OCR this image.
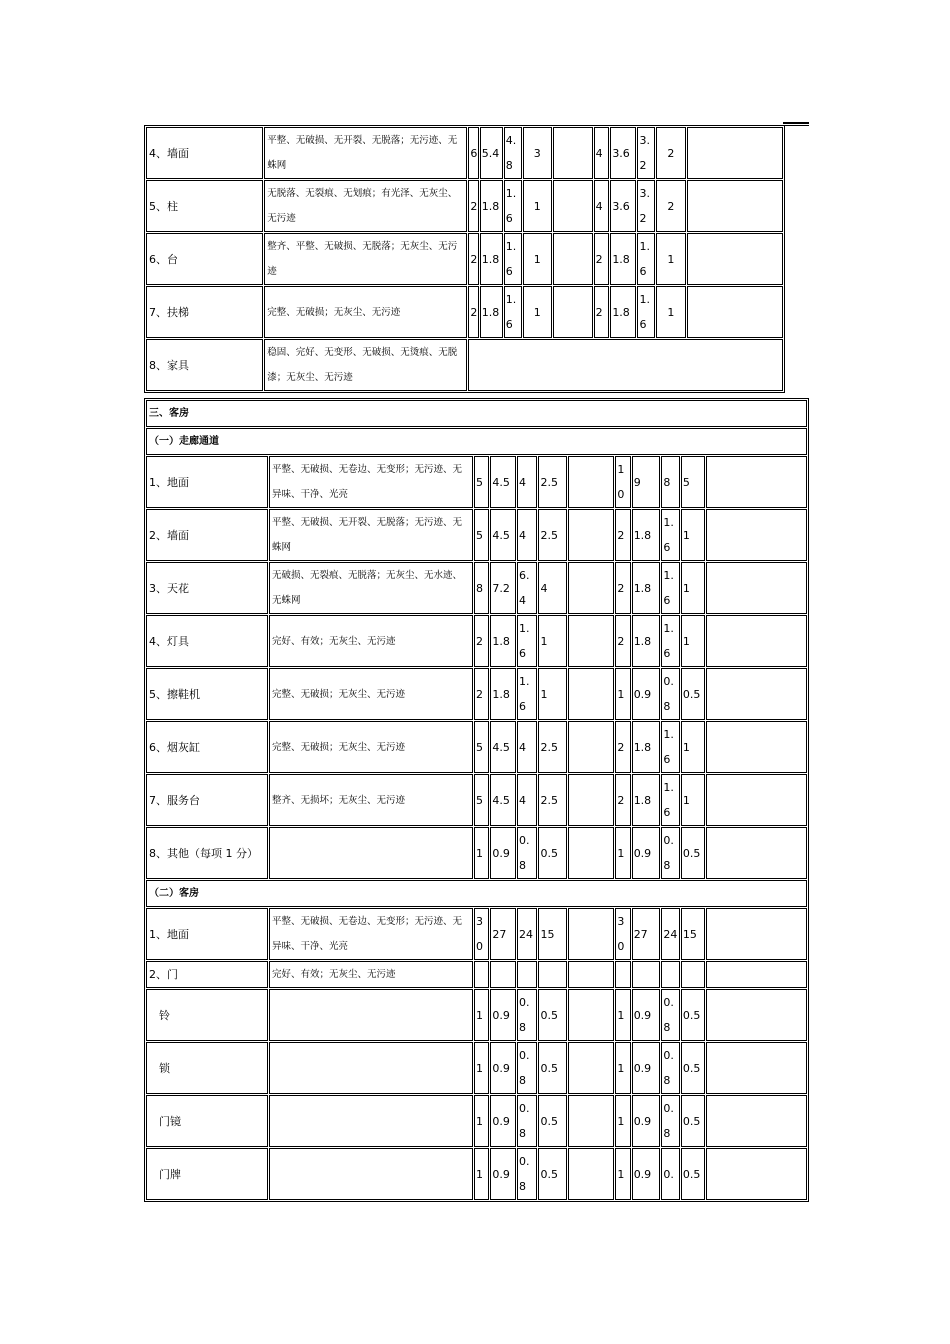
4、墙面	平整、无破损、无开裂、无脱落；无污迹、无蛛网	6	5.4	4.8	3		4	3.6	3.2	2	
5、柱	无脱落、无裂痕、无划痕；有光泽、无灰尘、无污迹	2	1.8	1.6	1		4	3.6	3.2	2	
6、台	整齐、平整、无破损、无脱落；无灰尘、无污迹	2	1.8	1.6	1		2	1.8	1.6	1	
7、扶梯	完整、无破损；无灰尘、无污迹	2	1.8	1.6	1		2	1.8	1.6	1	
8、家具	稳固、完好、无变形、无破损、无烫痕、无脱漆；无灰尘、无污迹										
三、客房											
（一）走廊通道											
1、地面	平整、无破损、无卷边、无变形；无污迹、无异味、干净、光亮	5	4.5	4	2.5		10	9	8	5	
2、墙面	平整、无破损、无开裂、无脱落；无污迹、无蛛网	5	4.5	4	2.5		2	1.8	1.6	1	
3、天花	无破损、无裂痕、无脱落；无灰尘、无水迹、无蛛网	8	7.2	6.4	4		2	1.8	1.6	1	
4、灯具	完好、有效；无灰尘、无污迹	2	1.8	1.6	1		2	1.8	1.6	1	
5、擦鞋机	完整、无破损；无灰尘、无污迹	2	1.8	1.6	1		1	0.9	0.8	0.5	
6、烟灰缸	完整、无破损；无灰尘、无污迹	5	4.5	4	2.5		2	1.8	1.6	1	
7、服务台	整齐、无损坏；无灰尘、无污迹	5	4.5	4	2.5		2	1.8	1.6	1	
8、其他（每项 1 分）		1	0.9	0.8	0.5		1	0.9	0.8	0.5	
（二）客房											
1、地面	平整、无破损、无卷边、无变形；无污迹、无异味、干净、光亮	30	27	24	15		30	27	24	15	
2、门	完好、有效；无灰尘、无污迹										
铃		1	0.9	0.8	0.5		1	0.9	0.8	0.5	
锁		1	0.9	0.8	0.5		1	0.9	0.8	0.5	
门镜		1	0.9	0.8	0.5		1	0.9	0.8	0.5	
门牌		1	0.9	0.8	0.5		1	0.9	0.	0.5	
